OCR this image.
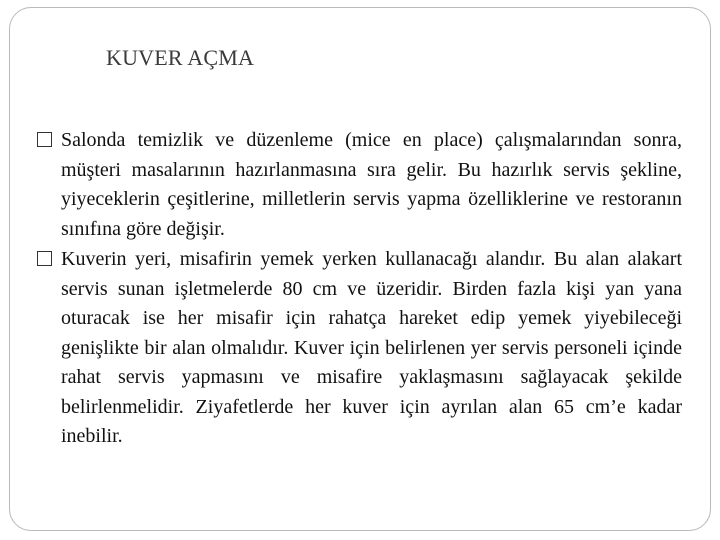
KUVER AÇMA
Salonda temizlik ve düzenleme (mice en place) çalışmalarından sonra, müşteri masalarının hazırlanmasına sıra gelir. Bu hazırlık servis şekline, yiyeceklerin çeşitlerine, milletlerin servis yapma özelliklerine ve restoranın sınıfına göre değişir.
Kuverin yeri, misafirin yemek yerken kullanacağı alandır. Bu alan alakart servis sunan işletmelerde 80 cm ve üzeridir. Birden fazla kişi yan yana oturacak ise her misafir için rahatça hareket edip yemek yiyebileceği genişlikte bir alan olmalıdır. Kuver için belirlenen yer servis personeli içinde rahat servis yapmasını ve misafire yaklaşmasını sağlayacak şekilde belirlenmelidir. Ziyafetlerde her kuver için ayrılan alan 65 cm’e kadar inebilir.
